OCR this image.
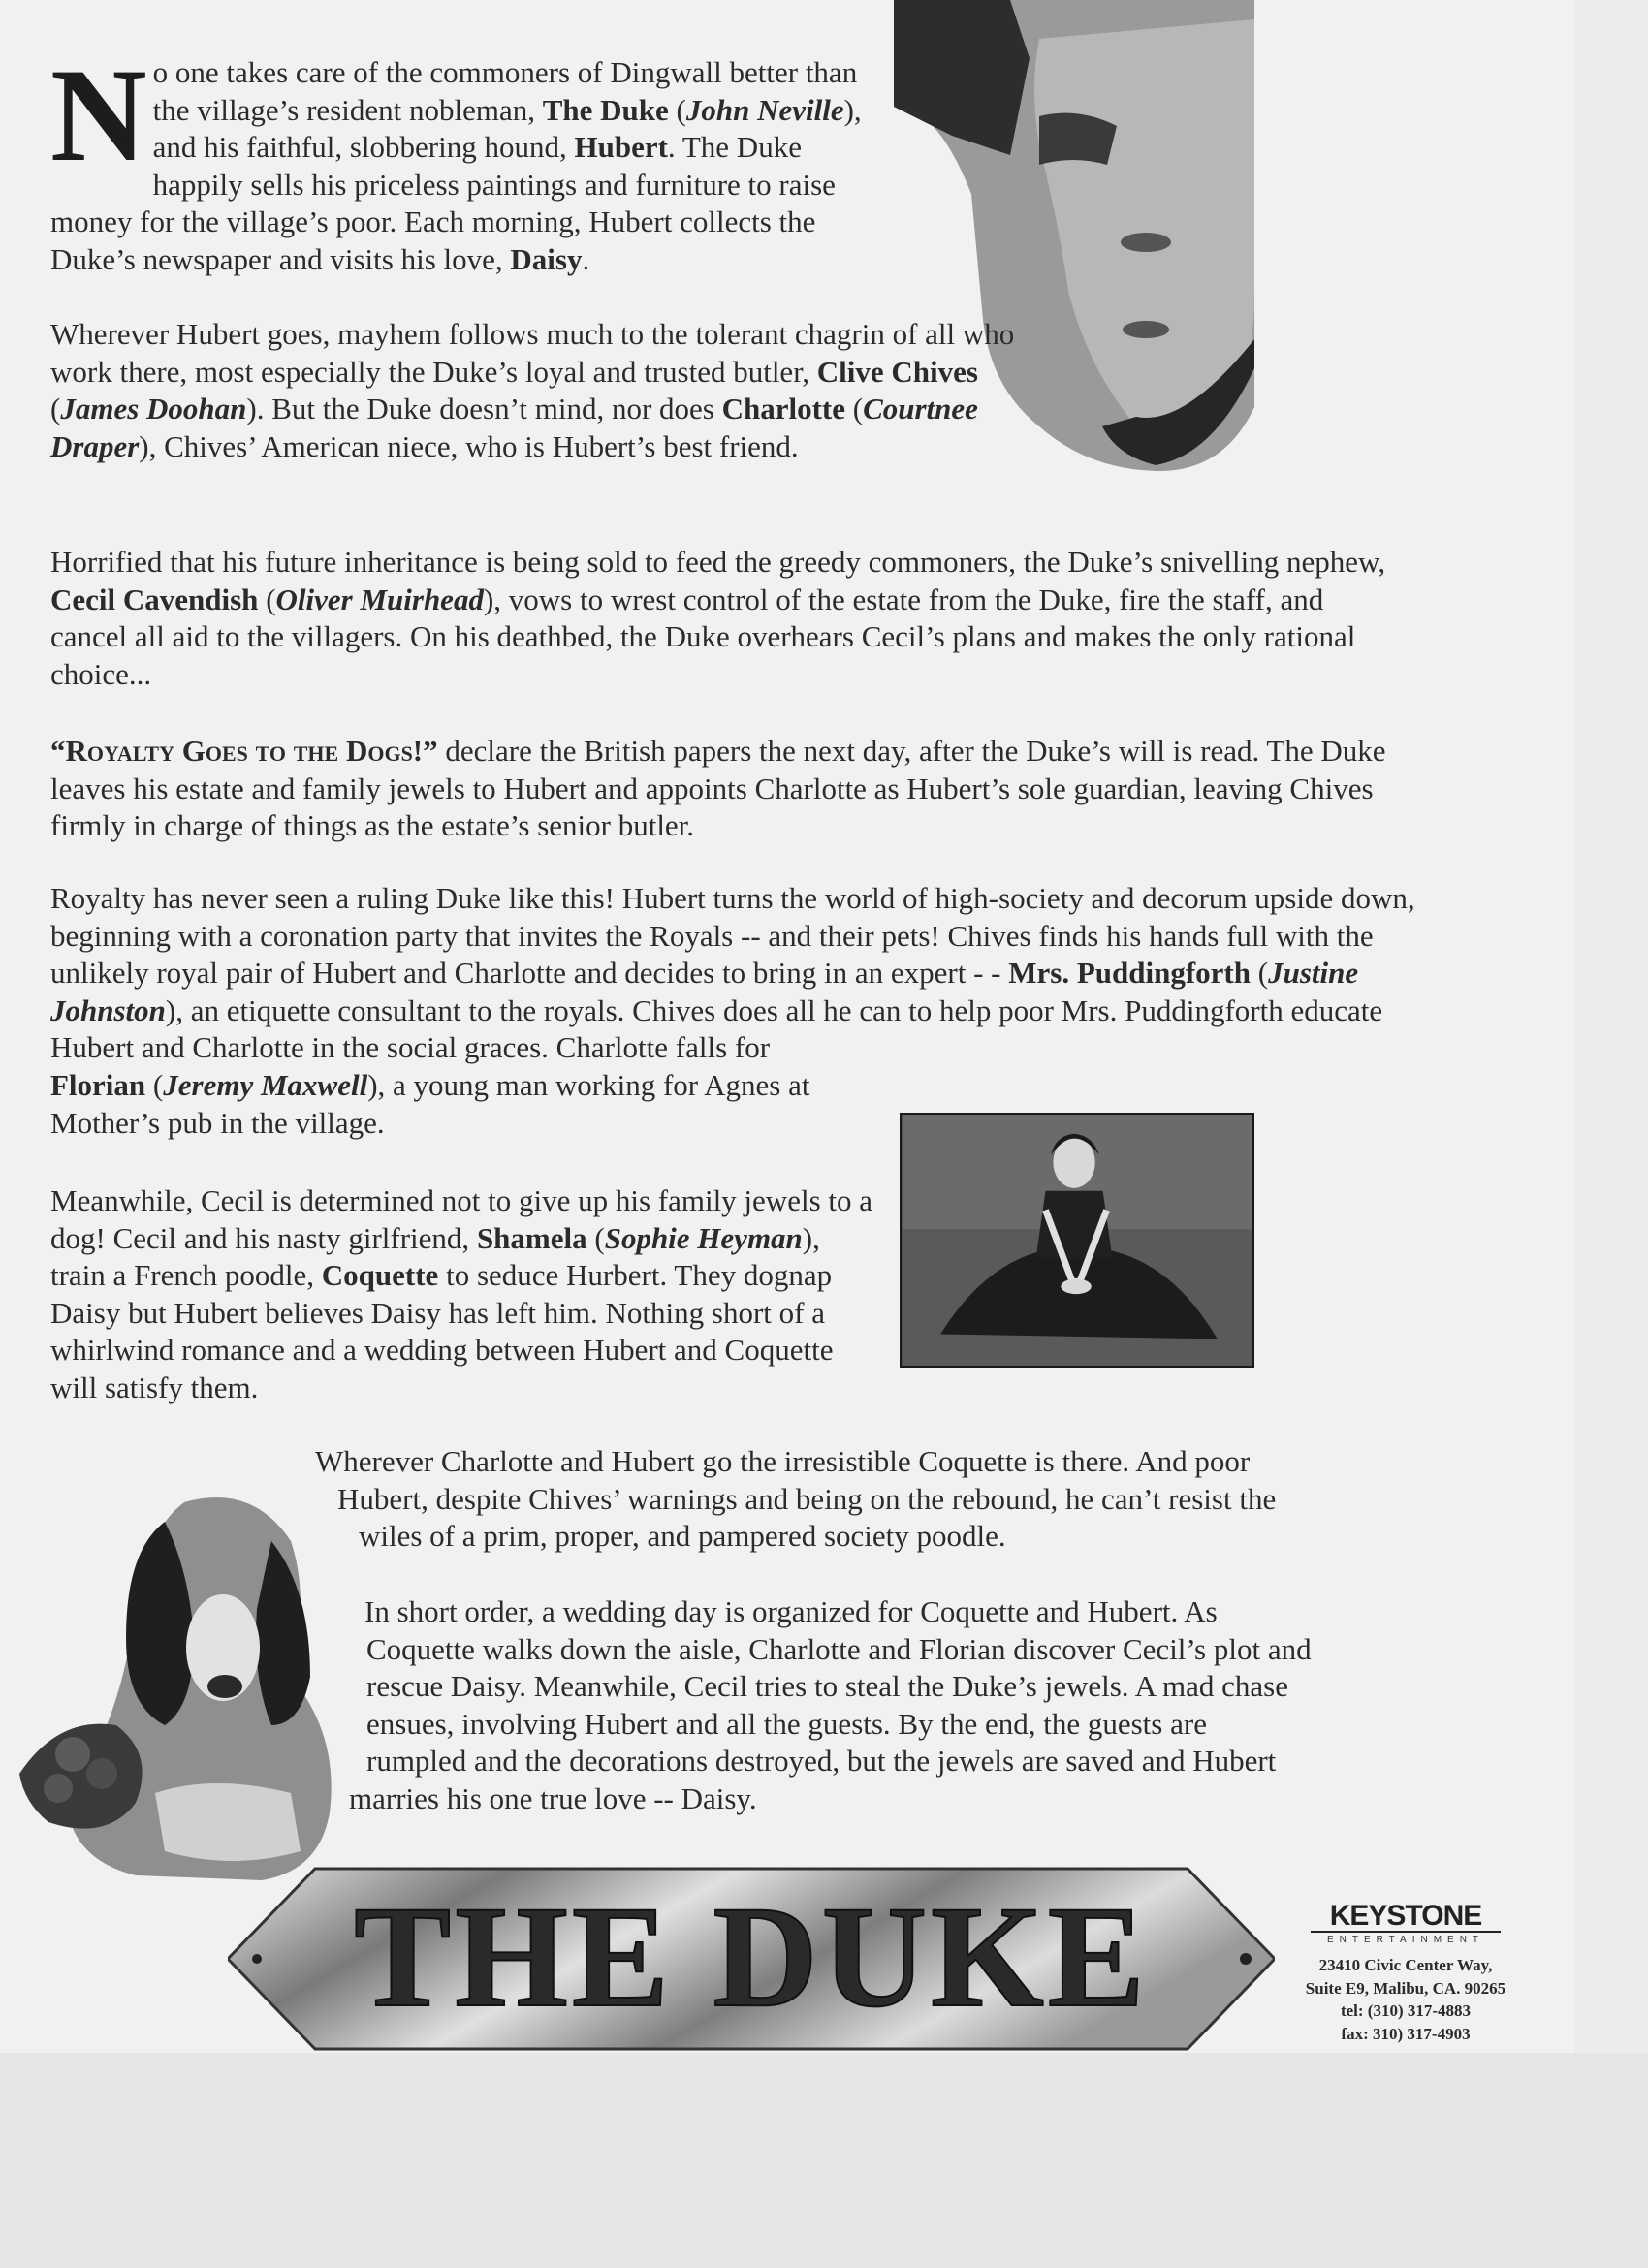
No one takes care of the commoners of Dingwall better than the village’s resident nobleman, The Duke (John Neville), and his faithful, slobbering hound, Hubert. The Duke happily sells his priceless paintings and furniture to raise money for the village’s poor. Each morning, Hubert collects the Duke’s newspaper and visits his love, Daisy.

Wherever Hubert goes, mayhem follows much to the tolerant chagrin of all who work there, most especially the Duke’s loyal and trusted butler, Clive Chives (James Doohan). But the Duke doesn’t mind, nor does Charlotte (Courtnee Draper), Chives’ American niece, who is Hubert’s best friend.

Horrified that his future inheritance is being sold to feed the greedy commoners, the Duke’s snivelling nephew, Cecil Cavendish (Oliver Muirhead), vows to wrest control of the estate from the Duke, fire the staff, and cancel all aid to the villagers. On his deathbed, the Duke overhears Cecil’s plans and makes the only rational choice...

“Royalty Goes to the Dogs!” declare the British papers the next day, after the Duke’s will is read. The Duke leaves his estate and family jewels to Hubert and appoints Charlotte as Hubert’s sole guardian, leaving Chives firmly in charge of things as the estate’s senior butler.

Royalty has never seen a ruling Duke like this! Hubert turns the world of high-society and decorum upside down, beginning with a coronation party that invites the Royals -- and their pets! Chives finds his hands full with the unlikely royal pair of Hubert and Charlotte and decides to bring in an expert - - Mrs. Puddingforth (Justine Johnston), an etiquette consultant to the royals. Chives does all he can to help poor Mrs. Puddingforth educate Hubert and Charlotte in the social graces. Charlotte falls for

Florian (Jeremy Maxwell), a young man working for Agnes at Mother’s pub in the village.

Meanwhile, Cecil is determined not to give up his family jewels to a dog! Cecil and his nasty girlfriend, Shamela (Sophie Heyman), train a French poodle, Coquette to seduce Hurbert. They dognap Daisy but Hubert believes Daisy has left him. Nothing short of a whirlwind romance and a wedding between Hubert and Coquette will satisfy them.

Wherever Charlotte and Hubert go the irresistible Coquette is there. And poor
Hubert, despite Chives’ warnings and being on the rebound, he can’t resist the
wiles of a prim, proper, and pampered society poodle.

In short order, a wedding day is organized for Coquette and Hubert. As
Coquette walks down the aisle, Charlotte and Florian discover Cecil’s plot and
rescue Daisy. Meanwhile, Cecil tries to steal the Duke’s jewels. A mad chase
ensues, involving Hubert and all the guests. By the end, the guests are
rumpled and the decorations destroyed, but the jewels are saved and Hubert
marries his one true love -- Daisy.

THE DUKE	KEYSTONE
ENTERTAINMENT
23410 Civic Center Way,
Suite E9, Malibu, CA. 90265
tel: (310) 317-4883
fax: 310) 317-4903
